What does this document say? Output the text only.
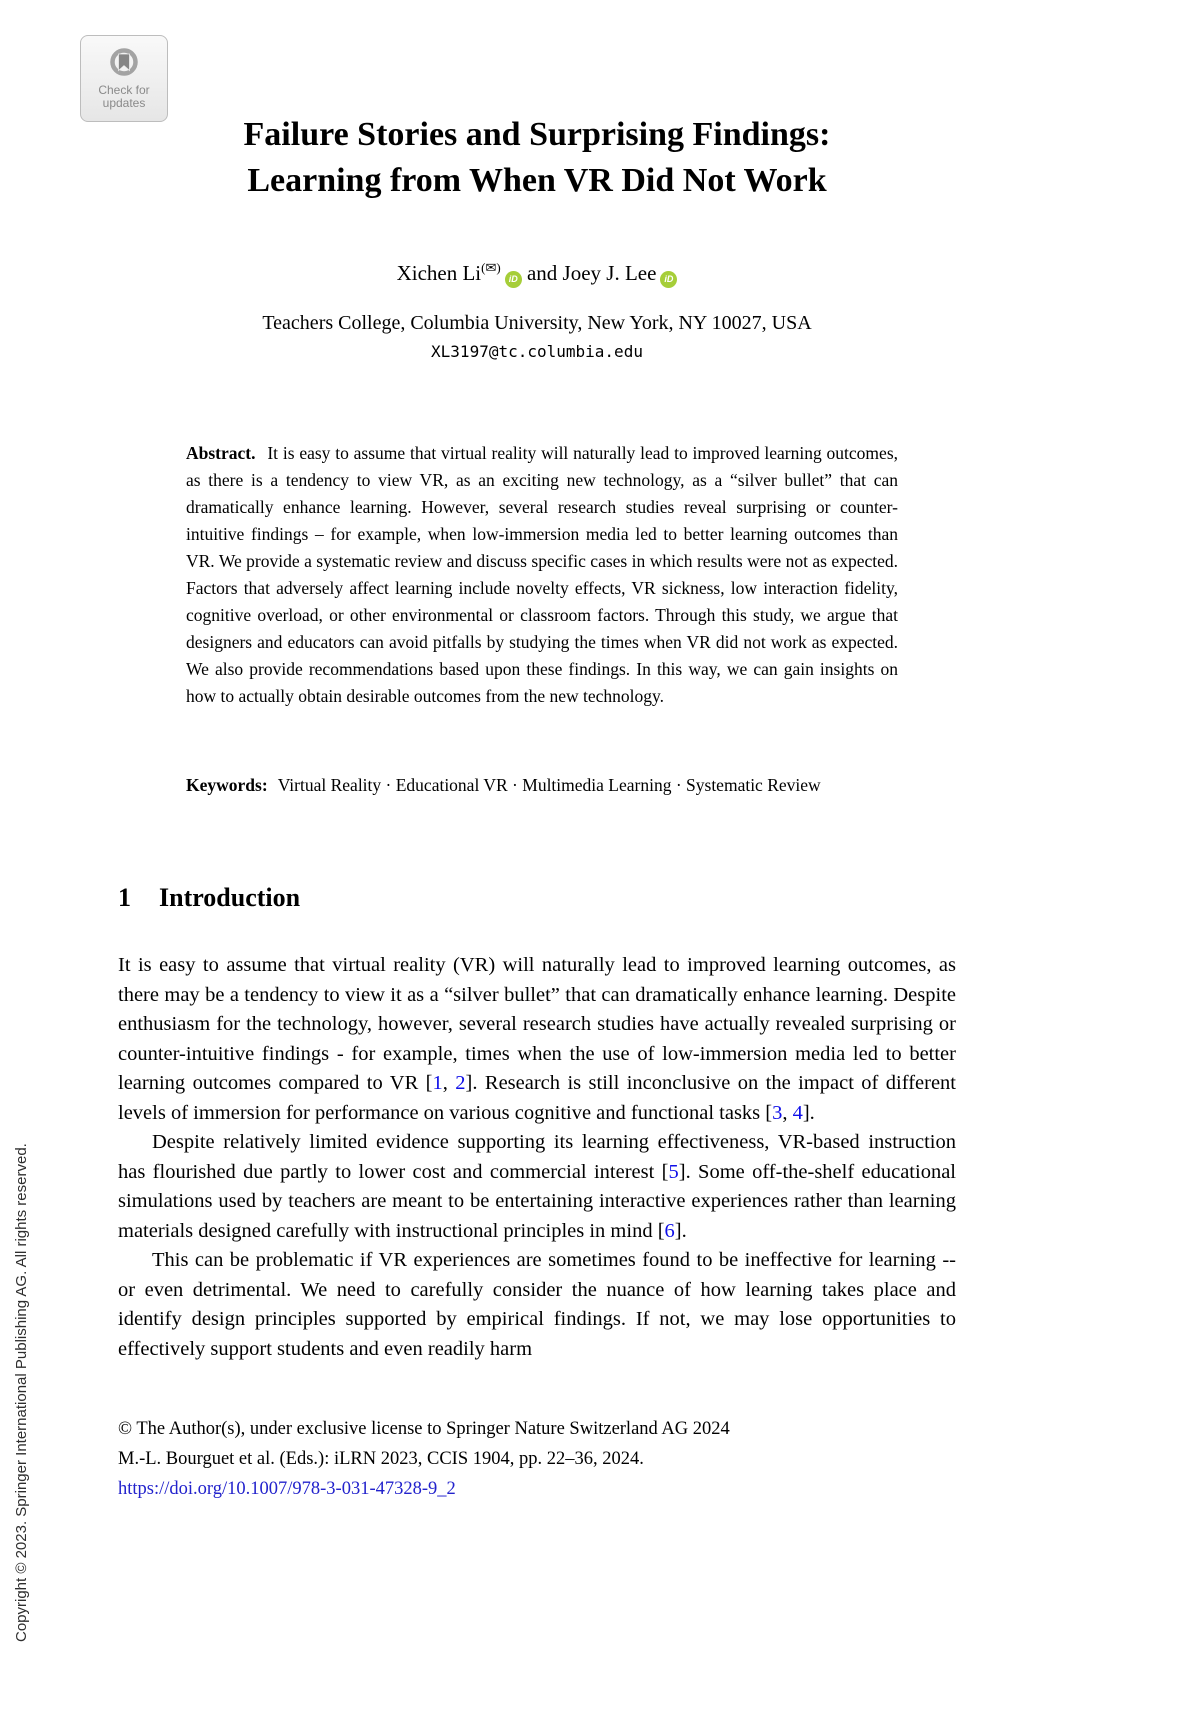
Check for
updates
Copyright © 2023. Springer International Publishing AG. All rights reserved.
Failure Stories and Surprising Findings:
Learning from When VR Did Not Work
Xichen Li(✉)iD and Joey J. Lee iD
Teachers College, Columbia University, New York, NY 10027, USA
XL3197@tc.columbia.edu

Abstract. It is easy to assume that virtual reality will naturally lead to improved learning outcomes, as there is a tendency to view VR, as an exciting new technology, as a “silver bullet” that can dramatically enhance learning. However, several research studies reveal surprising or counter-intuitive findings – for example, when low-immersion media led to better learning outcomes than VR. We provide a systematic review and discuss specific cases in which results were not as expected. Factors that adversely affect learning include novelty effects, VR sickness, low interaction fidelity, cognitive overload, or other environmental or classroom factors. Through this study, we argue that designers and educators can avoid pitfalls by studying the times when VR did not work as expected. We also provide recommendations based upon these findings. In this way, we can gain insights on how to actually obtain desirable outcomes from the new technology.

Keywords: Virtual Reality · Educational VR · Multimedia Learning · Systematic Review

1 Introduction

It is easy to assume that virtual reality (VR) will naturally lead to improved learning outcomes, as there may be a tendency to view it as a “silver bullet” that can dramatically enhance learning. Despite enthusiasm for the technology, however, several research studies have actually revealed surprising or counter-intuitive findings - for example, times when the use of low-immersion media led to better learning outcomes compared to VR [1, 2]. Research is still inconclusive on the impact of different levels of immersion for performance on various cognitive and functional tasks [3, 4].

Despite relatively limited evidence supporting its learning effectiveness, VR-based instruction has flourished due partly to lower cost and commercial interest [5]. Some off-the-shelf educational simulations used by teachers are meant to be entertaining interactive experiences rather than learning materials designed carefully with instructional principles in mind [6].

This can be problematic if VR experiences are sometimes found to be ineffective for learning -- or even detrimental. We need to carefully consider the nuance of how learning takes place and identify design principles supported by empirical findings. If not, we may lose opportunities to effectively support students and even readily harm

© The Author(s), under exclusive license to Springer Nature Switzerland AG 2024
M.-L. Bourguet et al. (Eds.): iLRN 2023, CCIS 1904, pp. 22–36, 2024.
https://doi.org/10.1007/978-3-031-47328-9_2
